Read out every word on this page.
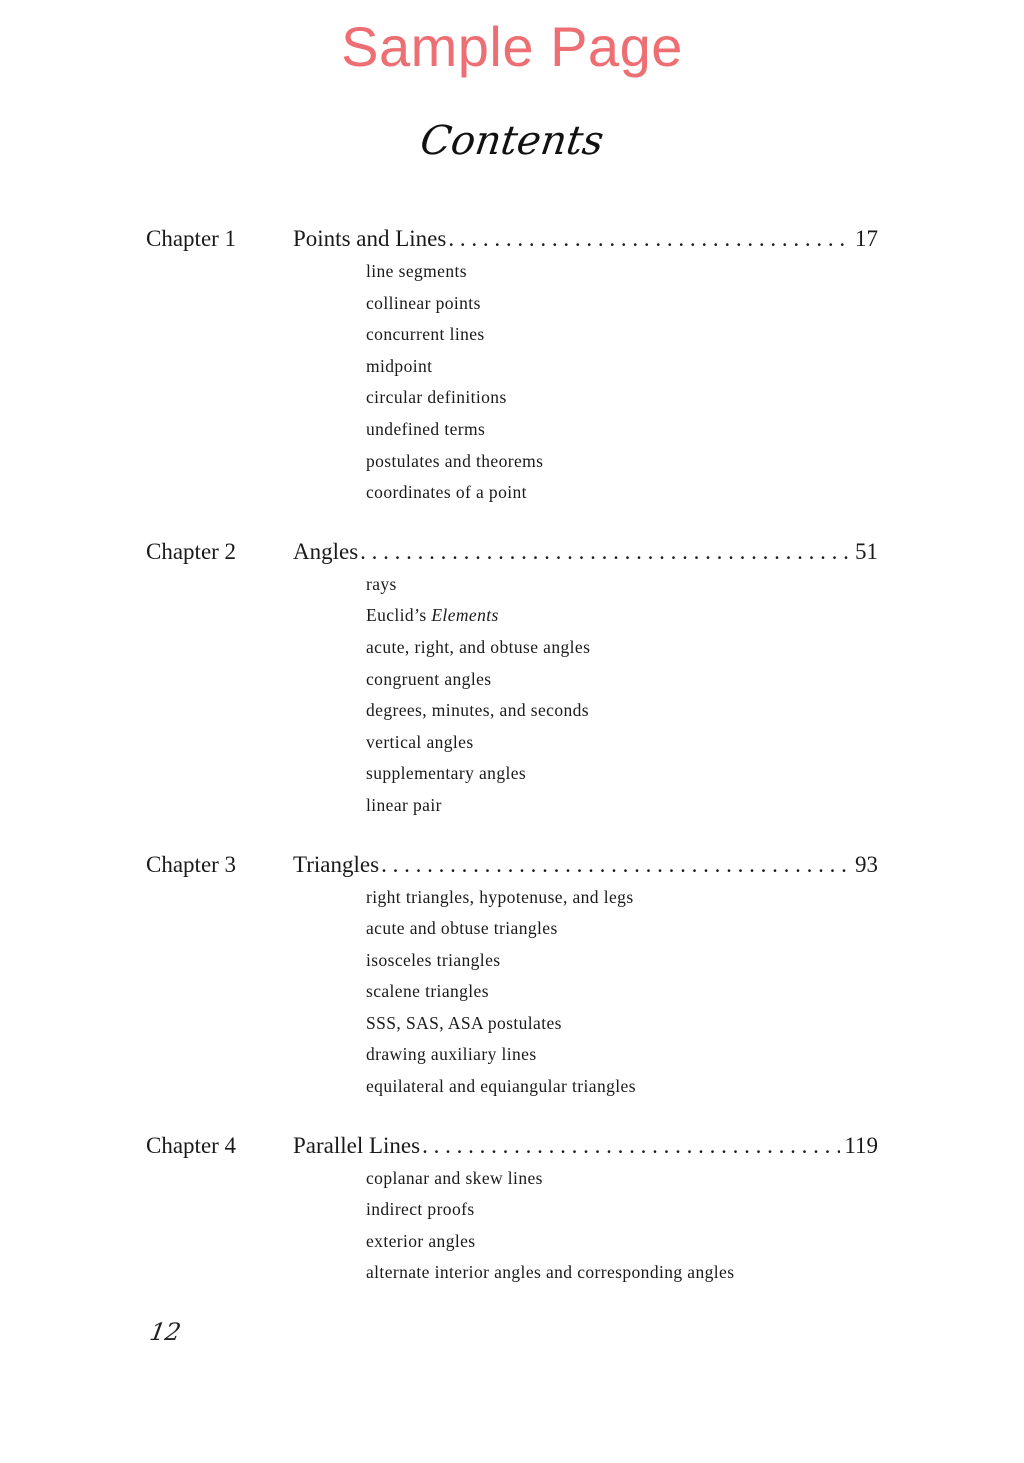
Sample Page
Contents
Chapter 1	Points and Lines . . .	17
line segments
collinear points
concurrent lines
midpoint
circular definitions
undefined terms
postulates and theorems
coordinates of a point
Chapter 2	Angles . . .	51
rays
Euclid’s Elements
acute, right, and obtuse angles
congruent angles
degrees, minutes, and seconds
vertical angles
supplementary angles
linear pair
Chapter 3	Triangles . . .	93
right triangles, hypotenuse, and legs
acute and obtuse triangles
isosceles triangles
scalene triangles
SSS, SAS, ASA postulates
drawing auxiliary lines
equilateral and equiangular triangles
Chapter 4	Parallel Lines . . .	119
coplanar and skew lines
indirect proofs
exterior angles
alternate interior angles and corresponding angles
12
